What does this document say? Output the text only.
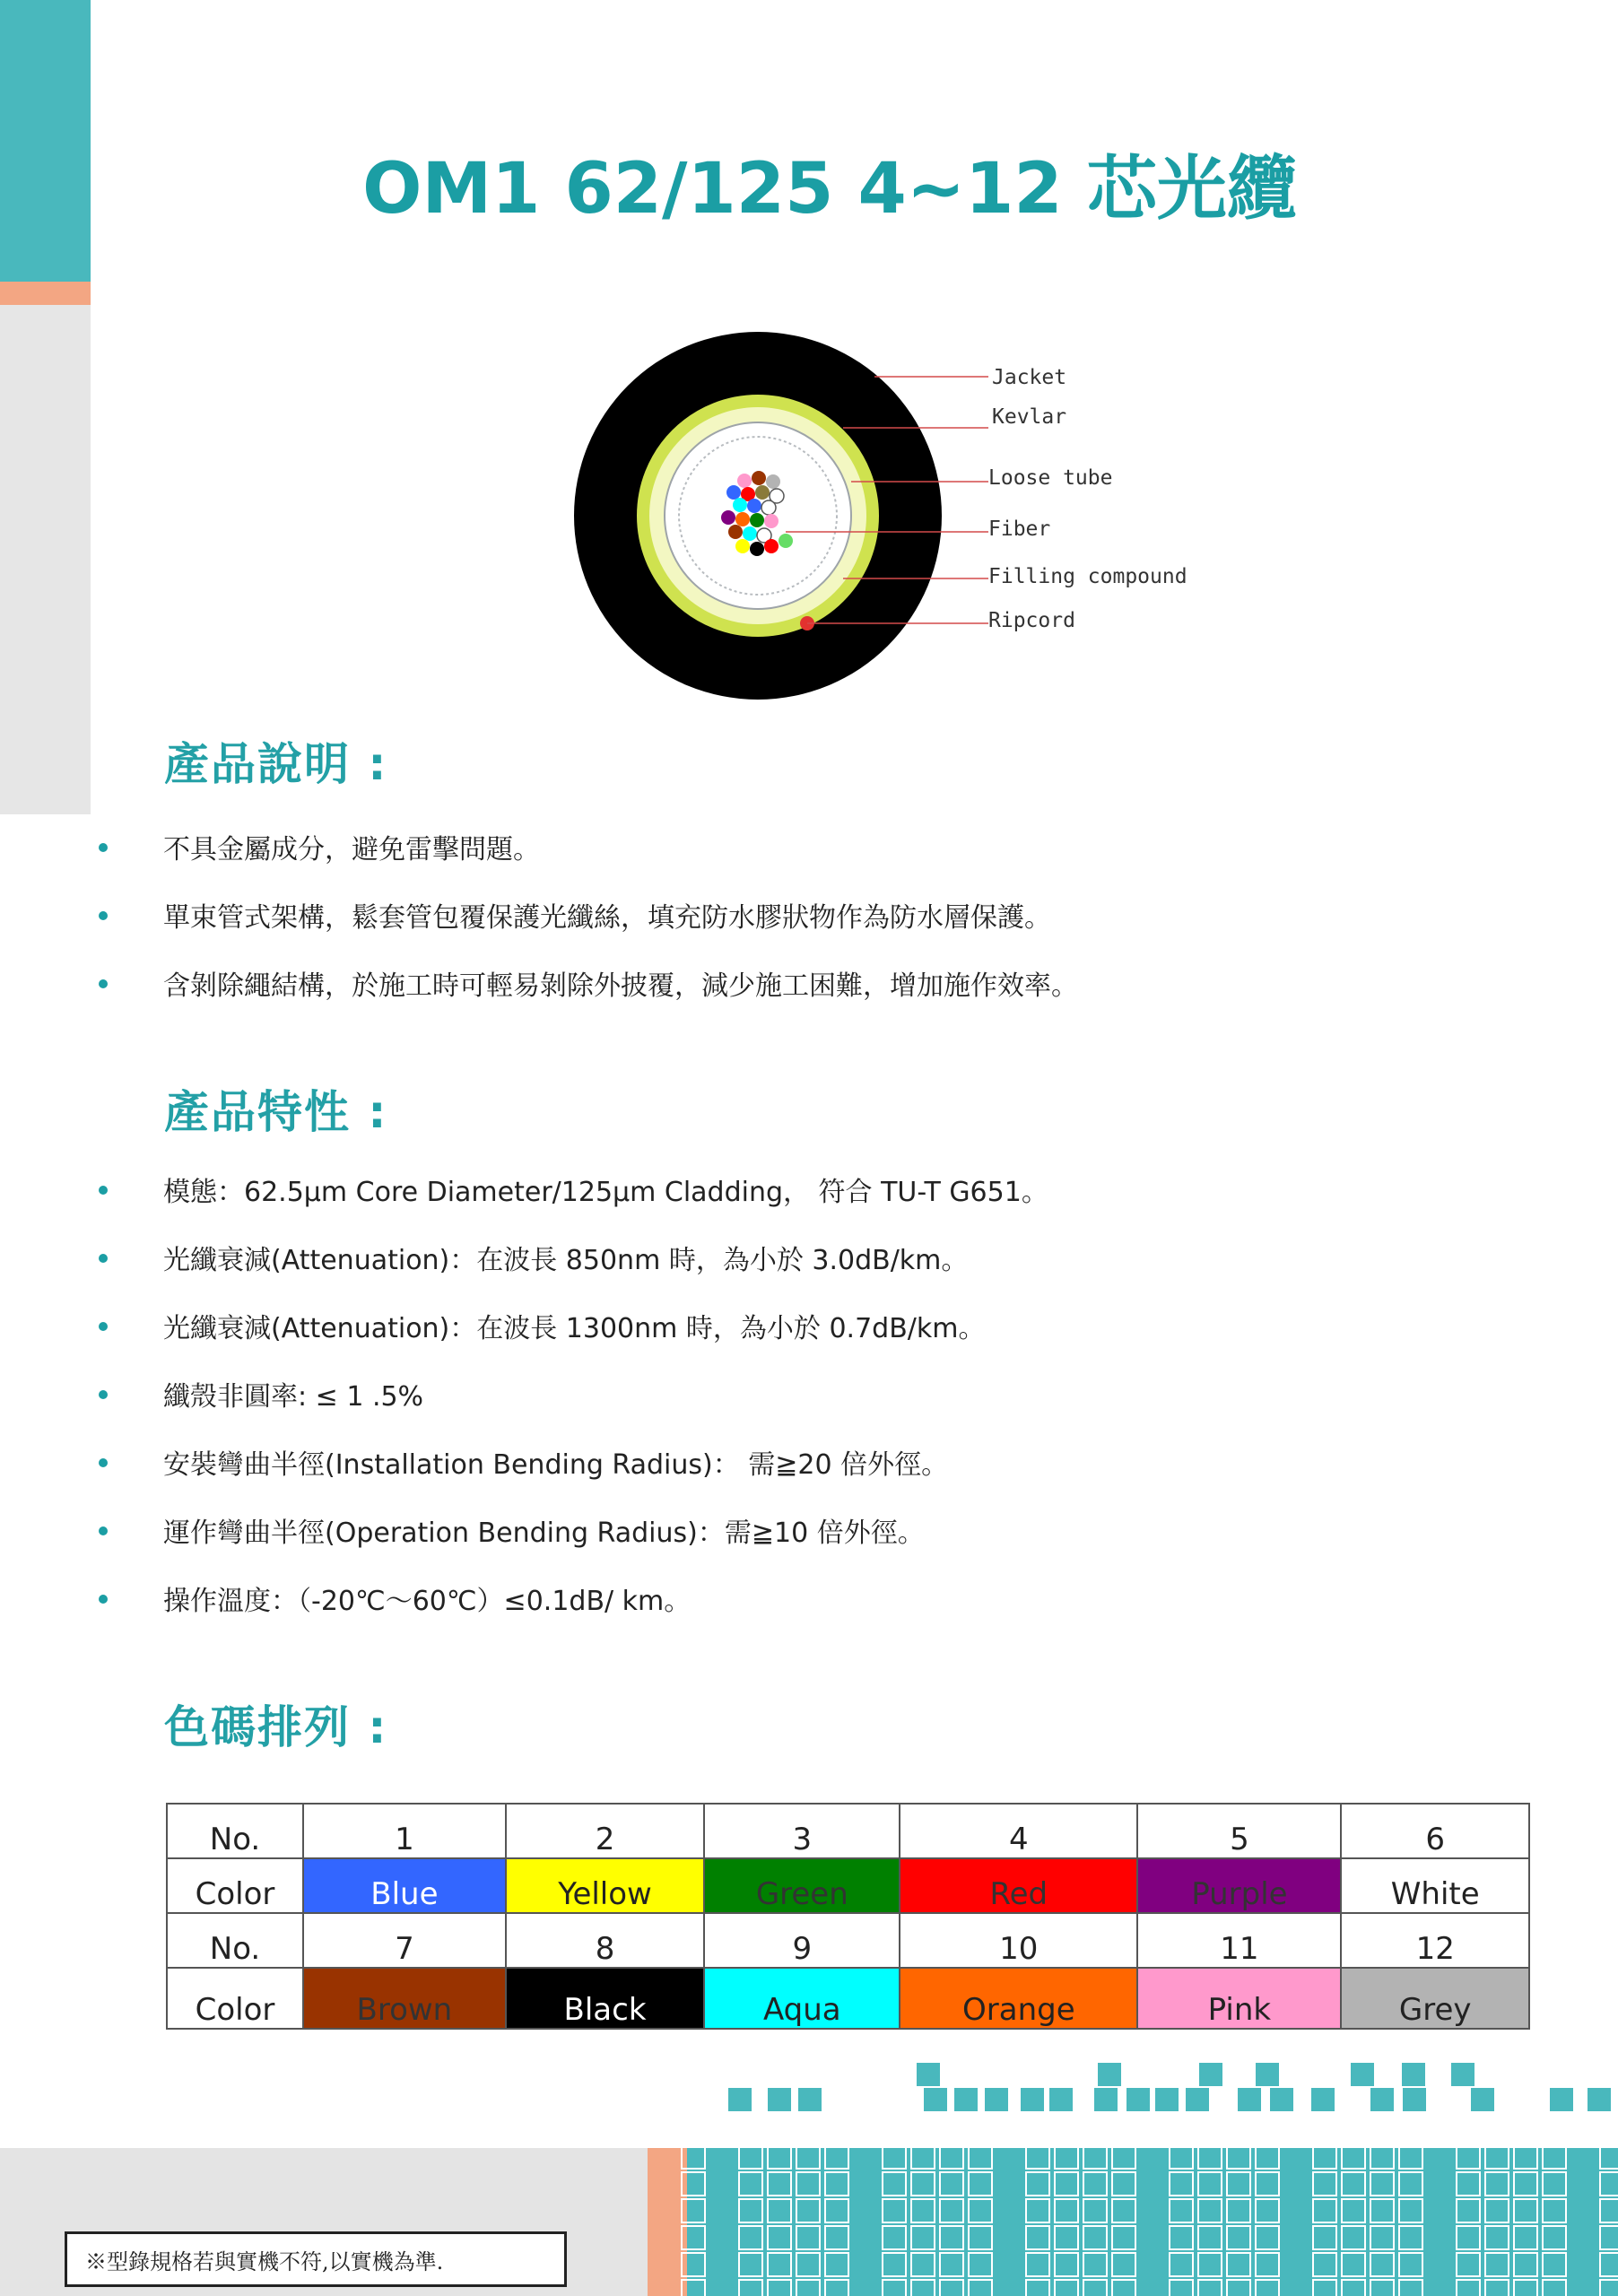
OM1 62/125 4~12 芯光纜
Jacket
Kevlar
Loose tube
Fiber
Filling compound
Ripcord
產品說明 :
不具金屬成分，避免雷擊問題。
單束管式架構，鬆套管包覆保護光纖絲，填充防水膠狀物作為防水層保護。
含剝除繩結構，於施工時可輕易剝除外披覆，減少施工困難，增加施作效率。
產品特性 :
模態：62.5μm Core Diameter/125μm Cladding， 符合 TU-T G651。
光纖衰減(Attenuation)：在波長 850nm 時，為小於 3.0dB/km。
光纖衰減(Attenuation)：在波長 1300nm 時，為小於 0.7dB/km。
纖殼非圓率: ≤ 1 .5%
安裝彎曲半徑(Installation Bending Radius)： 需≧20 倍外徑。
運作彎曲半徑(Operation Bending Radius)：需≧10 倍外徑。
操作溫度：（-20℃～60℃）≤0.1dB/ km。
色碼排列 :
No.	1	2	3	4	5	6
Color	Blue	Yellow	Green	Red	Purple	White
No.	7	8	9	10	11	12
Color	Brown	Black	Aqua	Orange	Pink	Grey
※型錄規格若與實機不符,以實機為準.
